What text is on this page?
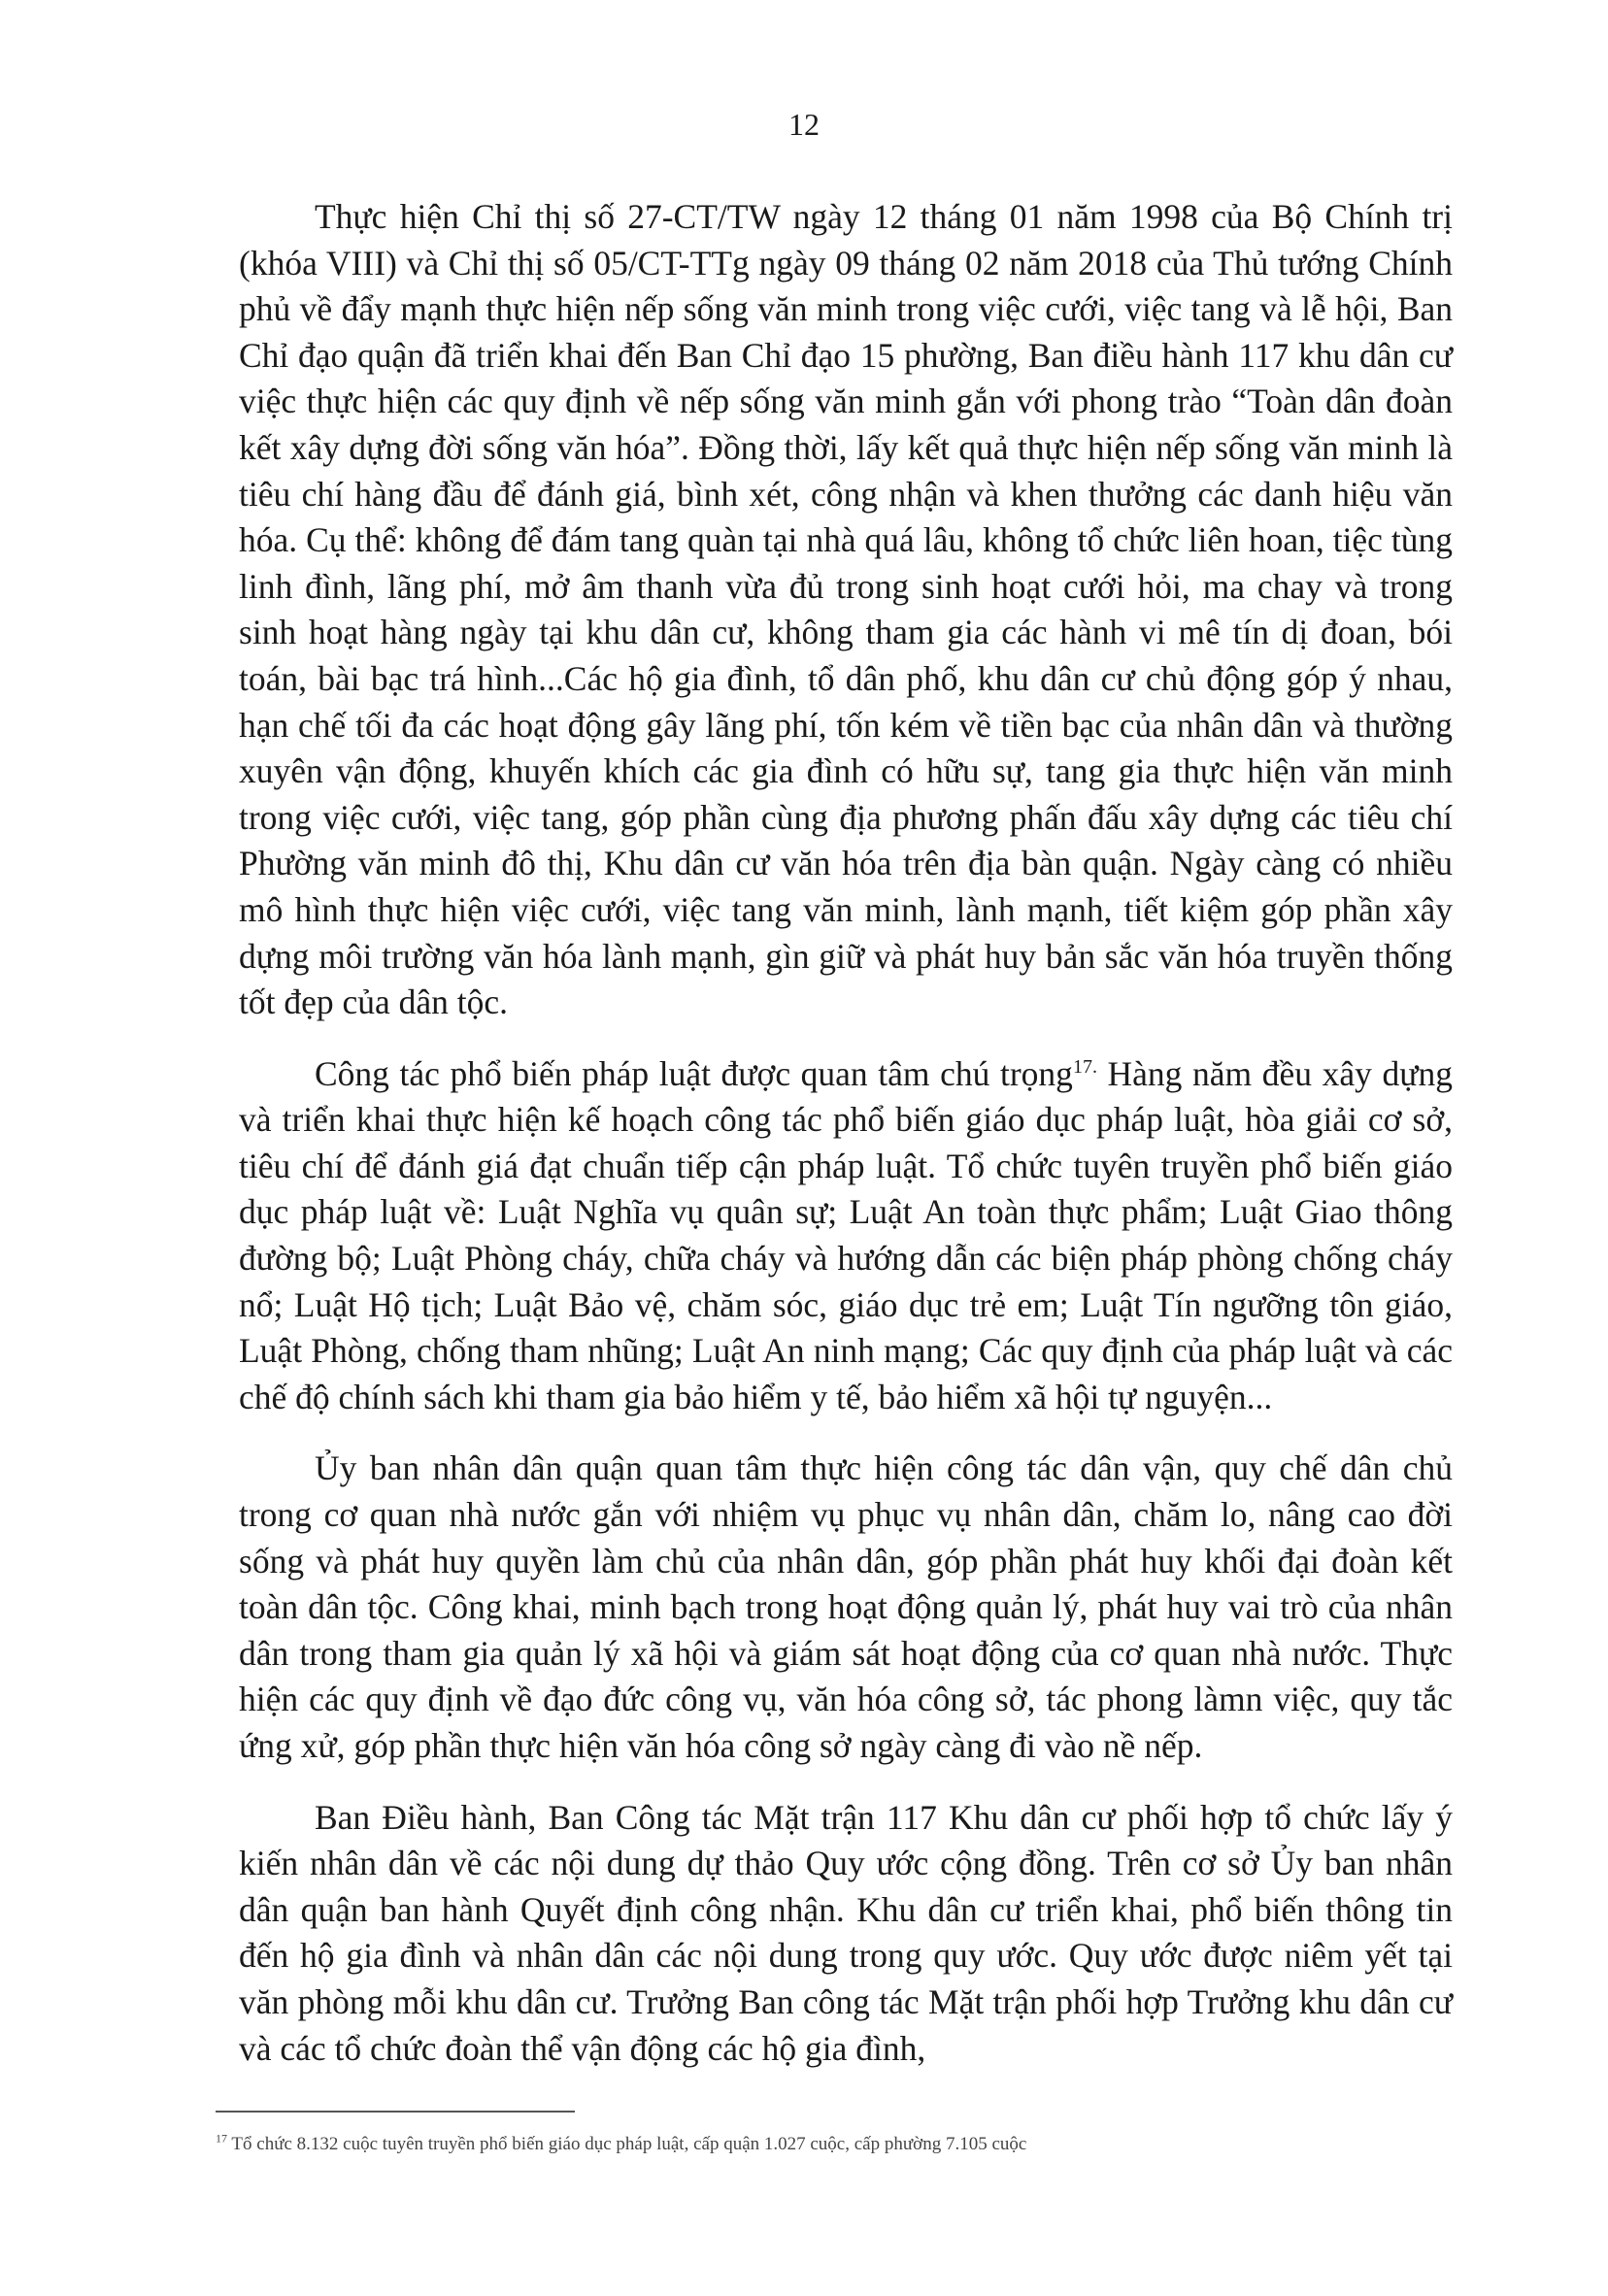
12

Thực hiện Chỉ thị số 27-CT/TW ngày 12 tháng 01 năm 1998 của Bộ Chính trị (khóa VIII) và Chỉ thị số 05/CT-TTg ngày 09 tháng 02 năm 2018 của Thủ tướng Chính phủ về đẩy mạnh thực hiện nếp sống văn minh trong việc cưới, việc tang và lễ hội, Ban Chỉ đạo quận đã triển khai đến Ban Chỉ đạo 15 phường, Ban điều hành 117 khu dân cư việc thực hiện các quy định về nếp sống văn minh gắn với phong trào “Toàn dân đoàn kết xây dựng đời sống văn hóa”. Đồng thời, lấy kết quả thực hiện nếp sống văn minh là tiêu chí hàng đầu để đánh giá, bình xét, công nhận và khen thưởng các danh hiệu văn hóa. Cụ thể: không để đám tang quàn tại nhà quá lâu, không tổ chức liên hoan, tiệc tùng linh đình, lãng phí, mở âm thanh vừa đủ trong sinh hoạt cưới hỏi, ma chay và trong sinh hoạt hàng ngày tại khu dân cư, không tham gia các hành vi mê tín dị đoan, bói toán, bài bạc trá hình...Các hộ gia đình, tổ dân phố, khu dân cư chủ động góp ý nhau, hạn chế tối đa các hoạt động gây lãng phí, tốn kém về tiền bạc của nhân dân và thường xuyên vận động, khuyến khích các gia đình có hữu sự, tang gia thực hiện văn minh trong việc cưới, việc tang, góp phần cùng địa phương phấn đấu xây dựng các tiêu chí Phường văn minh đô thị, Khu dân cư văn hóa trên địa bàn quận. Ngày càng có nhiều mô hình thực hiện việc cưới, việc tang văn minh, lành mạnh, tiết kiệm góp phần xây dựng môi trường văn hóa lành mạnh, gìn giữ và phát huy bản sắc văn hóa truyền thống tốt đẹp của dân tộc.

Công tác phổ biến pháp luật được quan tâm chú trọng$^{17.}$ Hàng năm đều xây dựng và triển khai thực hiện kế hoạch công tác phổ biến giáo dục pháp luật, hòa giải cơ sở, tiêu chí để đánh giá đạt chuẩn tiếp cận pháp luật. Tổ chức tuyên truyền phổ biến giáo dục pháp luật về: Luật Nghĩa vụ quân sự; Luật An toàn thực phẩm; Luật Giao thông đường bộ; Luật Phòng cháy, chữa cháy và hướng dẫn các biện pháp phòng chống cháy nổ; Luật Hộ tịch; Luật Bảo vệ, chăm sóc, giáo dục trẻ em; Luật Tín ngưỡng tôn giáo, Luật Phòng, chống tham nhũng; Luật An ninh mạng; Các quy định của pháp luật và các chế độ chính sách khi tham gia bảo hiểm y tế, bảo hiểm xã hội tự nguyện...

Ủy ban nhân dân quận quan tâm thực hiện công tác dân vận, quy chế dân chủ trong cơ quan nhà nước gắn với nhiệm vụ phục vụ nhân dân, chăm lo, nâng cao đời sống và phát huy quyền làm chủ của nhân dân, góp phần phát huy khối đại đoàn kết toàn dân tộc. Công khai, minh bạch trong hoạt động quản lý, phát huy vai trò của nhân dân trong tham gia quản lý xã hội và giám sát hoạt động của cơ quan nhà nước. Thực hiện các quy định về đạo đức công vụ, văn hóa công sở, tác phong làmn việc, quy tắc ứng xử, góp phần thực hiện văn hóa công sở ngày càng đi vào nề nếp.

Ban Điều hành, Ban Công tác Mặt trận 117 Khu dân cư phối hợp tổ chức lấy ý kiến nhân dân về các nội dung dự thảo Quy ước cộng đồng. Trên cơ sở Ủy ban nhân dân quận ban hành Quyết định công nhận. Khu dân cư triển khai, phổ biến thông tin đến hộ gia đình và nhân dân các nội dung trong quy ước. Quy ước được niêm yết tại văn phòng mỗi khu dân cư. Trưởng Ban công tác Mặt trận phối hợp Trưởng khu dân cư và các tổ chức đoàn thể vận động các hộ gia đình,

$^{17}$ Tổ chức 8.132 cuộc tuyên truyền phổ biến giáo dục pháp luật, cấp quận 1.027 cuộc, cấp phường 7.105 cuộc
